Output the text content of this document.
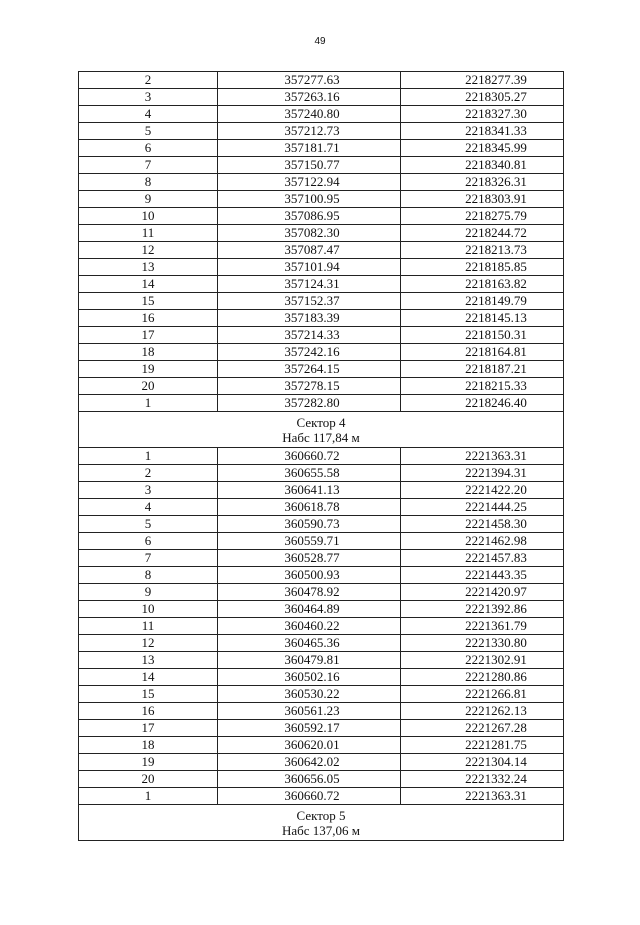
49
2	357277.63	2218277.39
3	357263.16	2218305.27
4	357240.80	2218327.30
5	357212.73	2218341.33
6	357181.71	2218345.99
7	357150.77	2218340.81
8	357122.94	2218326.31
9	357100.95	2218303.91
10	357086.95	2218275.79
11	357082.30	2218244.72
12	357087.47	2218213.73
13	357101.94	2218185.85
14	357124.31	2218163.82
15	357152.37	2218149.79
16	357183.39	2218145.13
17	357214.33	2218150.31
18	357242.16	2218164.81
19	357264.15	2218187.21
20	357278.15	2218215.33
1	357282.80	2218246.40

Сектор 4
Набс 117,84 м		

1	360660.72	2221363.31
2	360655.58	2221394.31
3	360641.13	2221422.20
4	360618.78	2221444.25
5	360590.73	2221458.30
6	360559.71	2221462.98
7	360528.77	2221457.83
8	360500.93	2221443.35
9	360478.92	2221420.97
10	360464.89	2221392.86
11	360460.22	2221361.79
12	360465.36	2221330.80
13	360479.81	2221302.91
14	360502.16	2221280.86
15	360530.22	2221266.81
16	360561.23	2221262.13
17	360592.17	2221267.28
18	360620.01	2221281.75
19	360642.02	2221304.14
20	360656.05	2221332.24
1	360660.72	2221363.31

Сектор 5
Набс 137,06 м		
